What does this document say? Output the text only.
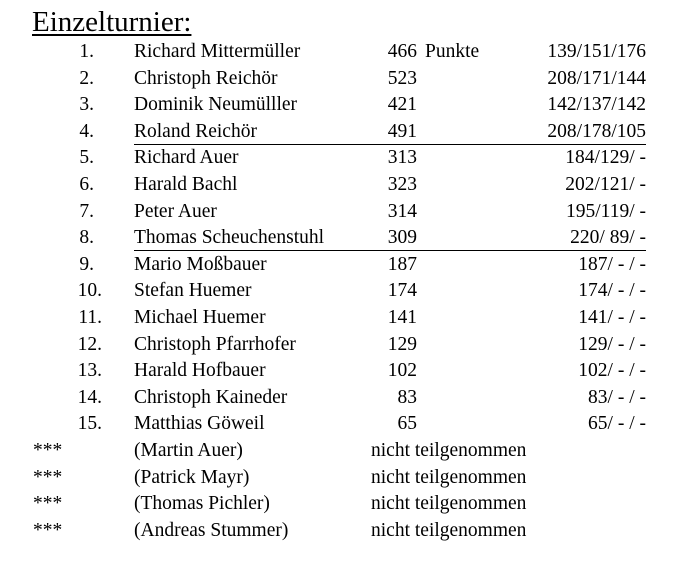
Einzelturnier:
1. Richard Mittermüller	466 Punkte	139/151/176
2. Christoph Reichör	523	208/171/144
3. Dominik Neumülller	421	142/137/142
4. Roland Reichör	491	208/178/105
5. Richard Auer	313	184/129/ -
6. Harald Bachl	323	202/121/ -
7. Peter Auer	314	195/119/ -
8. Thomas Scheuchenstuhl	309	220/ 89/ -
9. Mario Moßbauer	187	187/ - / -
10. Stefan Huemer	174	174/ - / -
11. Michael Huemer	141	141/ - / -
12. Christoph Pfarrhofer	129	129/ - / -
13. Harald Hofbauer	102	102/ - / -
14. Christoph Kaineder	83	83/ - / -
15. Matthias Göweil	65	65/ - / -
***	(Martin Auer)	nicht teilgenommen
***	(Patrick Mayr)	nicht teilgenommen
***	(Thomas Pichler)	nicht teilgenommen
***	(Andreas Stummer)	nicht teilgenommen
